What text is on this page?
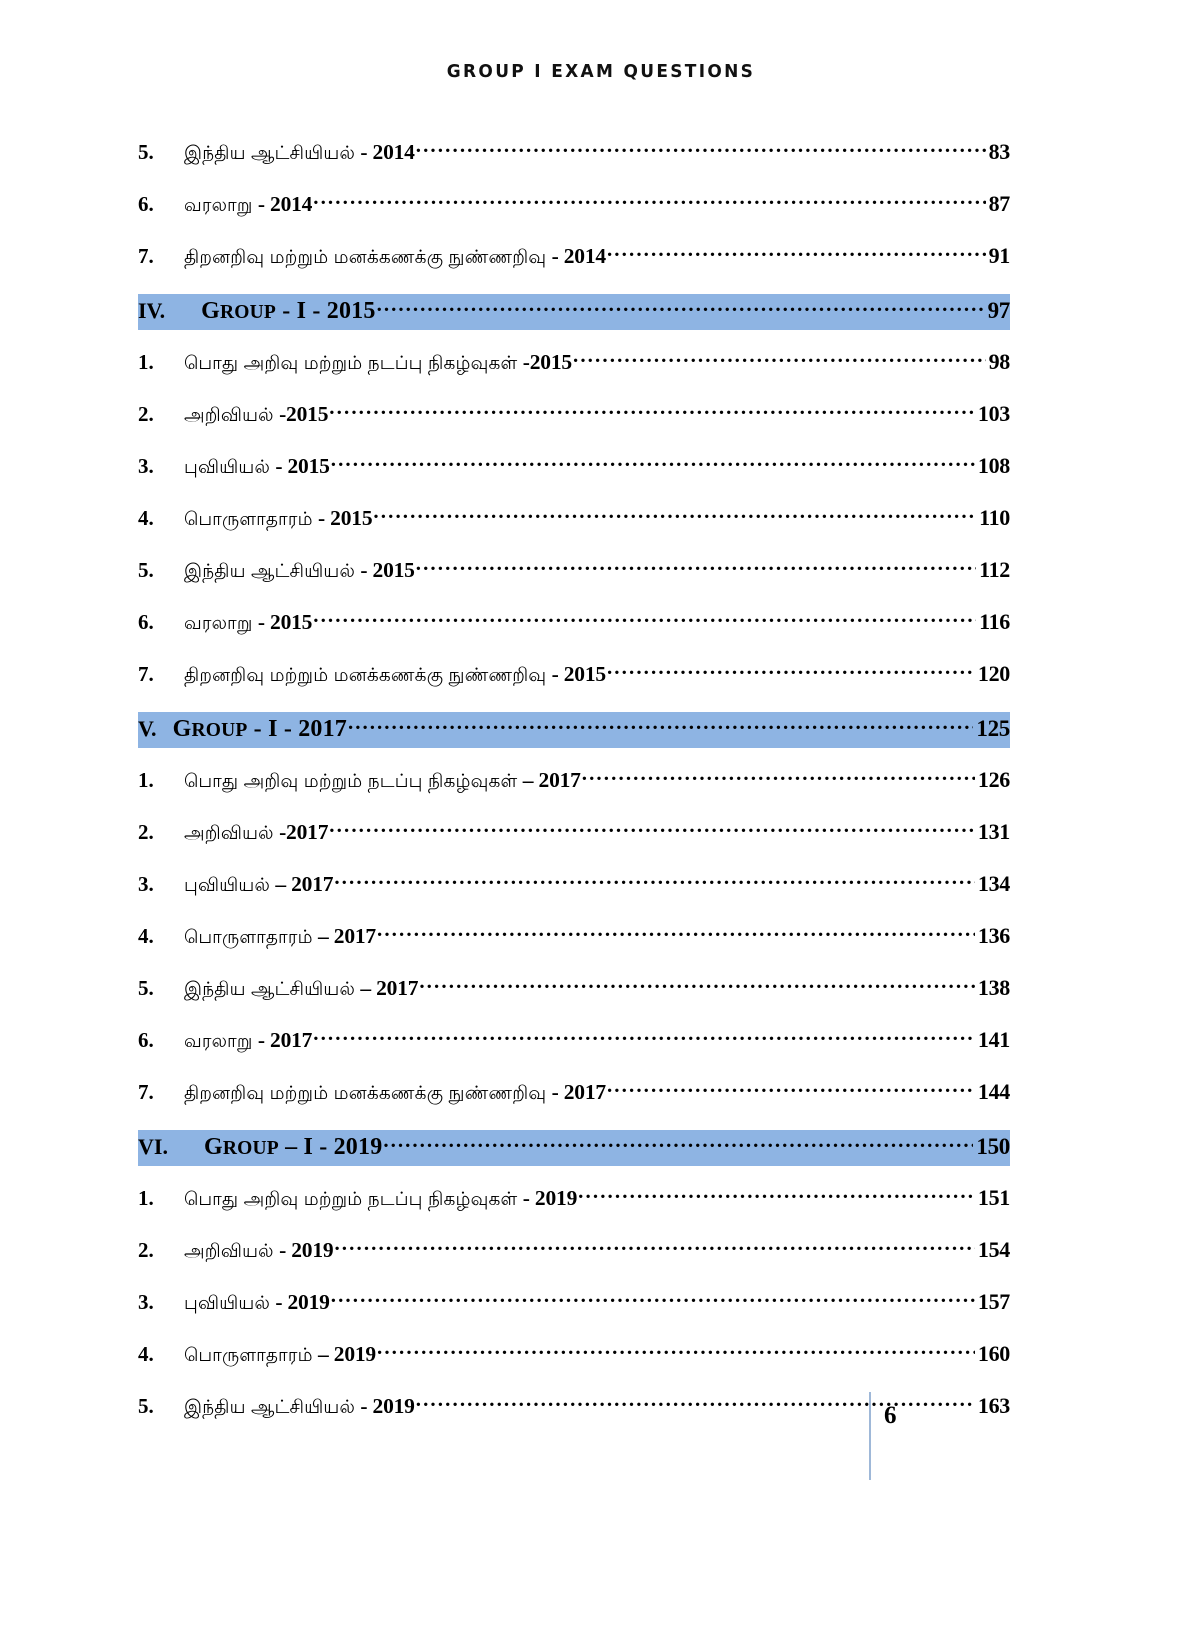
GROUP I EXAM QUESTIONS
5.	இந்திய ஆட்சியியல் - 2014 .....	83
6.	வரலாறு - 2014 .....	87
7.	திறனறிவு மற்றும் மனக்கணக்கு நுண்ணறிவு - 2014 .....	91
IV.	GROUP - I - 2015 .....	97
1.	பொது அறிவு மற்றும் நடப்பு நிகழ்வுகள் -2015 .....	98
2.	அறிவியல் -2015 .....	103
3.	புவியியல் - 2015 .....	108
4.	பொருளாதாரம் - 2015 .....	110
5.	இந்திய ஆட்சியியல் - 2015 .....	112
6.	வரலாறு - 2015 .....	116
7.	திறனறிவு மற்றும் மனக்கணக்கு நுண்ணறிவு - 2015 .....	120
V. GROUP - I - 2017 .....	125
1.	பொது அறிவு மற்றும் நடப்பு நிகழ்வுகள் – 2017 .....	126
2.	அறிவியல் -2017 .....	131
3.	புவியியல் – 2017 .....	134
4.	பொருளாதாரம் – 2017 .....	136
5.	இந்திய ஆட்சியியல் – 2017 .....	138
6.	வரலாறு - 2017 .....	141
7.	திறனறிவு மற்றும் மனக்கணக்கு நுண்ணறிவு - 2017 .....	144
VI.	GROUP – I - 2019 .....	150
1.	பொது அறிவு மற்றும் நடப்பு நிகழ்வுகள் - 2019 .....	151
2.	அறிவியல் - 2019 .....	154
3.	புவியியல் - 2019 .....	157
4.	பொருளாதாரம் – 2019 .....	160
5.	இந்திய ஆட்சியியல் - 2019 .....	163
6
